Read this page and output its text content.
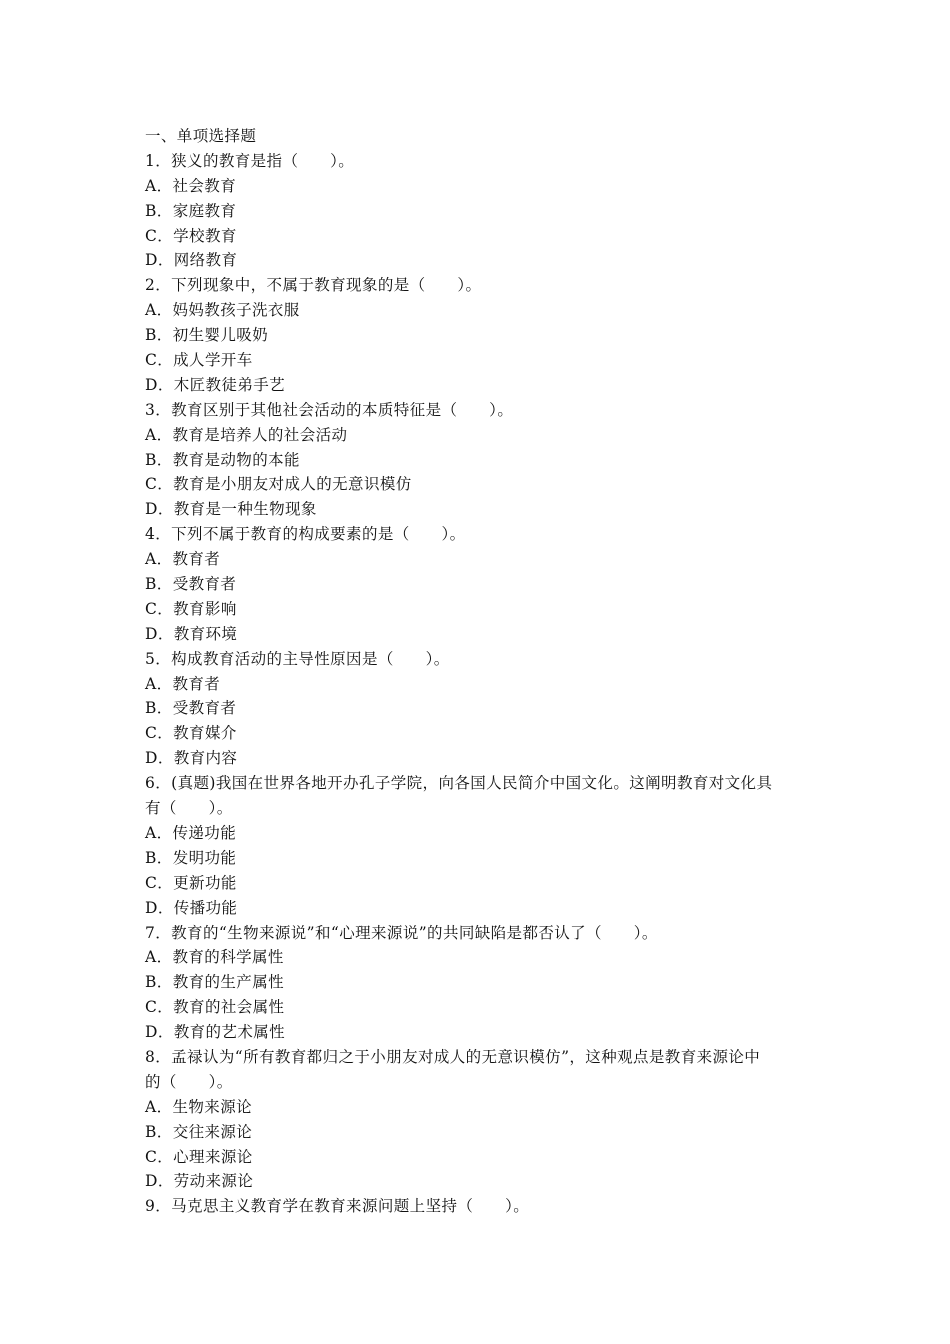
一、单项选择题
1．狭义的教育是指（　　）。
A．社会教育
B．家庭教育
C．学校教育
D．网络教育
2．下列现象中，不属于教育现象的是（　　）。
A．妈妈教孩子洗衣服
B．初生婴儿吸奶
C．成人学开车
D．木匠教徒弟手艺
3．教育区别于其他社会活动的本质特征是（　　）。
A．教育是培养人的社会活动
B．教育是动物的本能
C．教育是小朋友对成人的无意识模仿
D．教育是一种生物现象
4．下列不属于教育的构成要素的是（　　）。
A．教育者
B．受教育者
C．教育影响
D．教育环境
5．构成教育活动的主导性原因是（　　）。
A．教育者
B．受教育者
C．教育媒介
D．教育内容
6．(真题)我国在世界各地开办孔子学院，向各国人民简介中国文化。这阐明教育对文化具
有（　　）。
A．传递功能
B．发明功能
C．更新功能
D．传播功能
7．教育的“生物来源说”和“心理来源说”的共同缺陷是都否认了（　　）。
A．教育的科学属性
B．教育的生产属性
C．教育的社会属性
D．教育的艺术属性
8．孟禄认为“所有教育都归之于小朋友对成人的无意识模仿”，这种观点是教育来源论中
的（　　）。
A．生物来源论
B．交往来源论
C．心理来源论
D．劳动来源论
9．马克思主义教育学在教育来源问题上坚持（　　）。
